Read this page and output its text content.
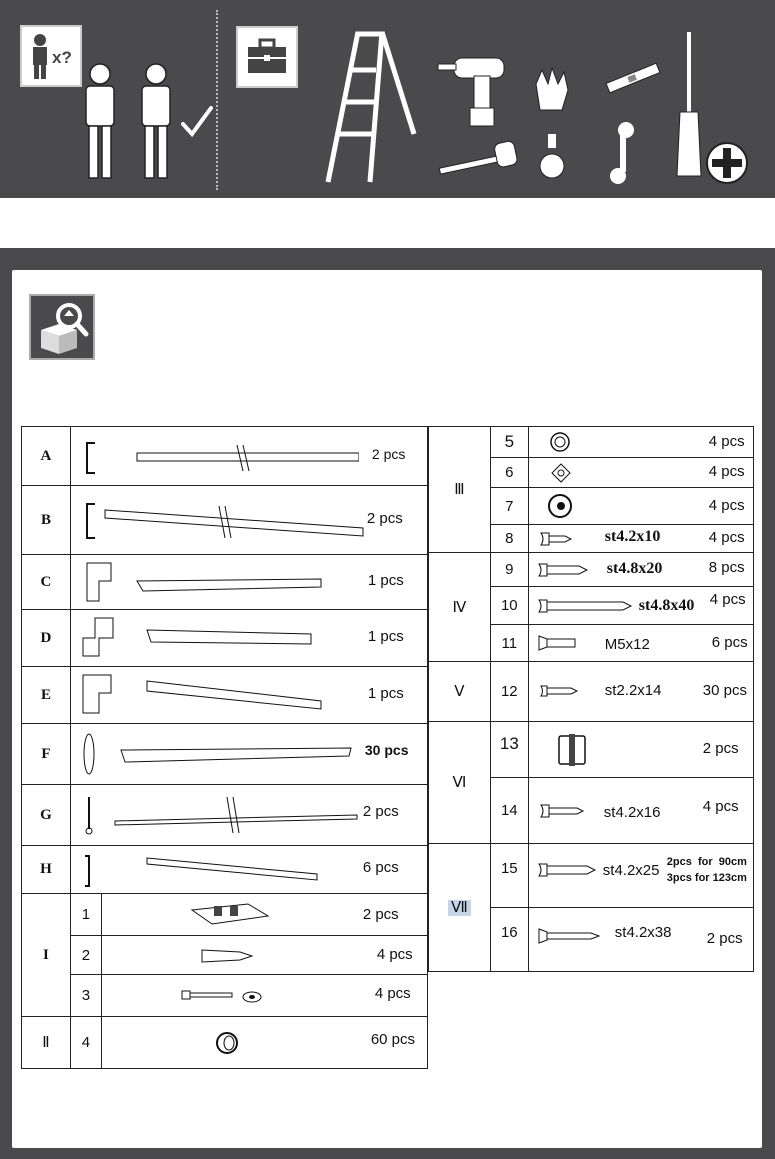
x?
A	2 pcs	

B	2 pcs	

C	1 pcs	

D	1 pcs	

E	1 pcs	

F	30 pcs	

G	2 pcs	

H	6 pcs	

I	1	2 pcs

	2	4 pcs

	3	4 pcs

Ⅱ	4	60 pcs
Ⅲ	5	4 pcs

	6	4 pcs

	7	4 pcs

	8	st4.2x10 4 pcs

Ⅳ	9	st4.8x20 8 pcs

	10	st4.8x40 4 pcs

	11	M5x12 6 pcs

Ⅴ	12	st2.2x14 30 pcs

Ⅵ	13	2 pcs

	14	st4.2x16 4 pcs

Ⅶ	15	st4.2x25 2pcs  for  90cm
3pcs for 123cm

	16	st4.2x38 2 pcs
